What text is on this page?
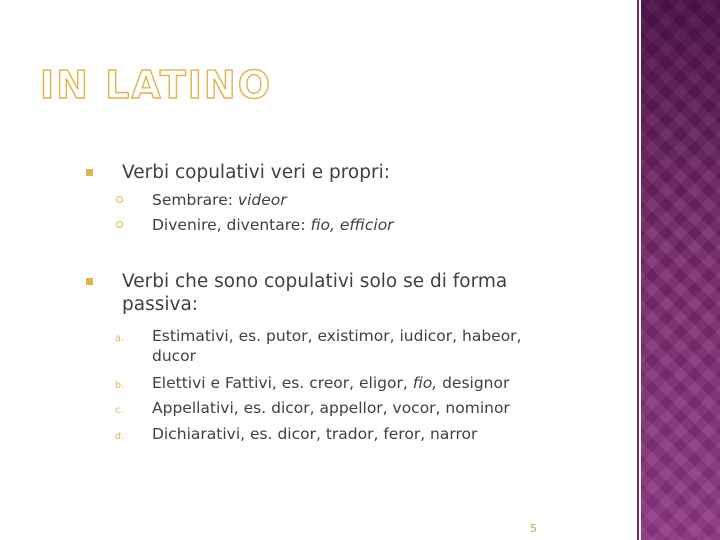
IN LATINO
Verbi copulativi veri e propri:
Sembrare: videor
Divenire, diventare: fio, efficior
Verbi che sono copulativi solo se di forma
passiva:
a. Estimativi, es. putor, existimor, iudicor, habeor,
ducor
b. Elettivi e Fattivi, es. creor, eligor, fio, designor
c. Appellativi, es. dicor, appellor, vocor, nominor
d. Dichiarativi, es. dicor, trador, feror, narror
5
